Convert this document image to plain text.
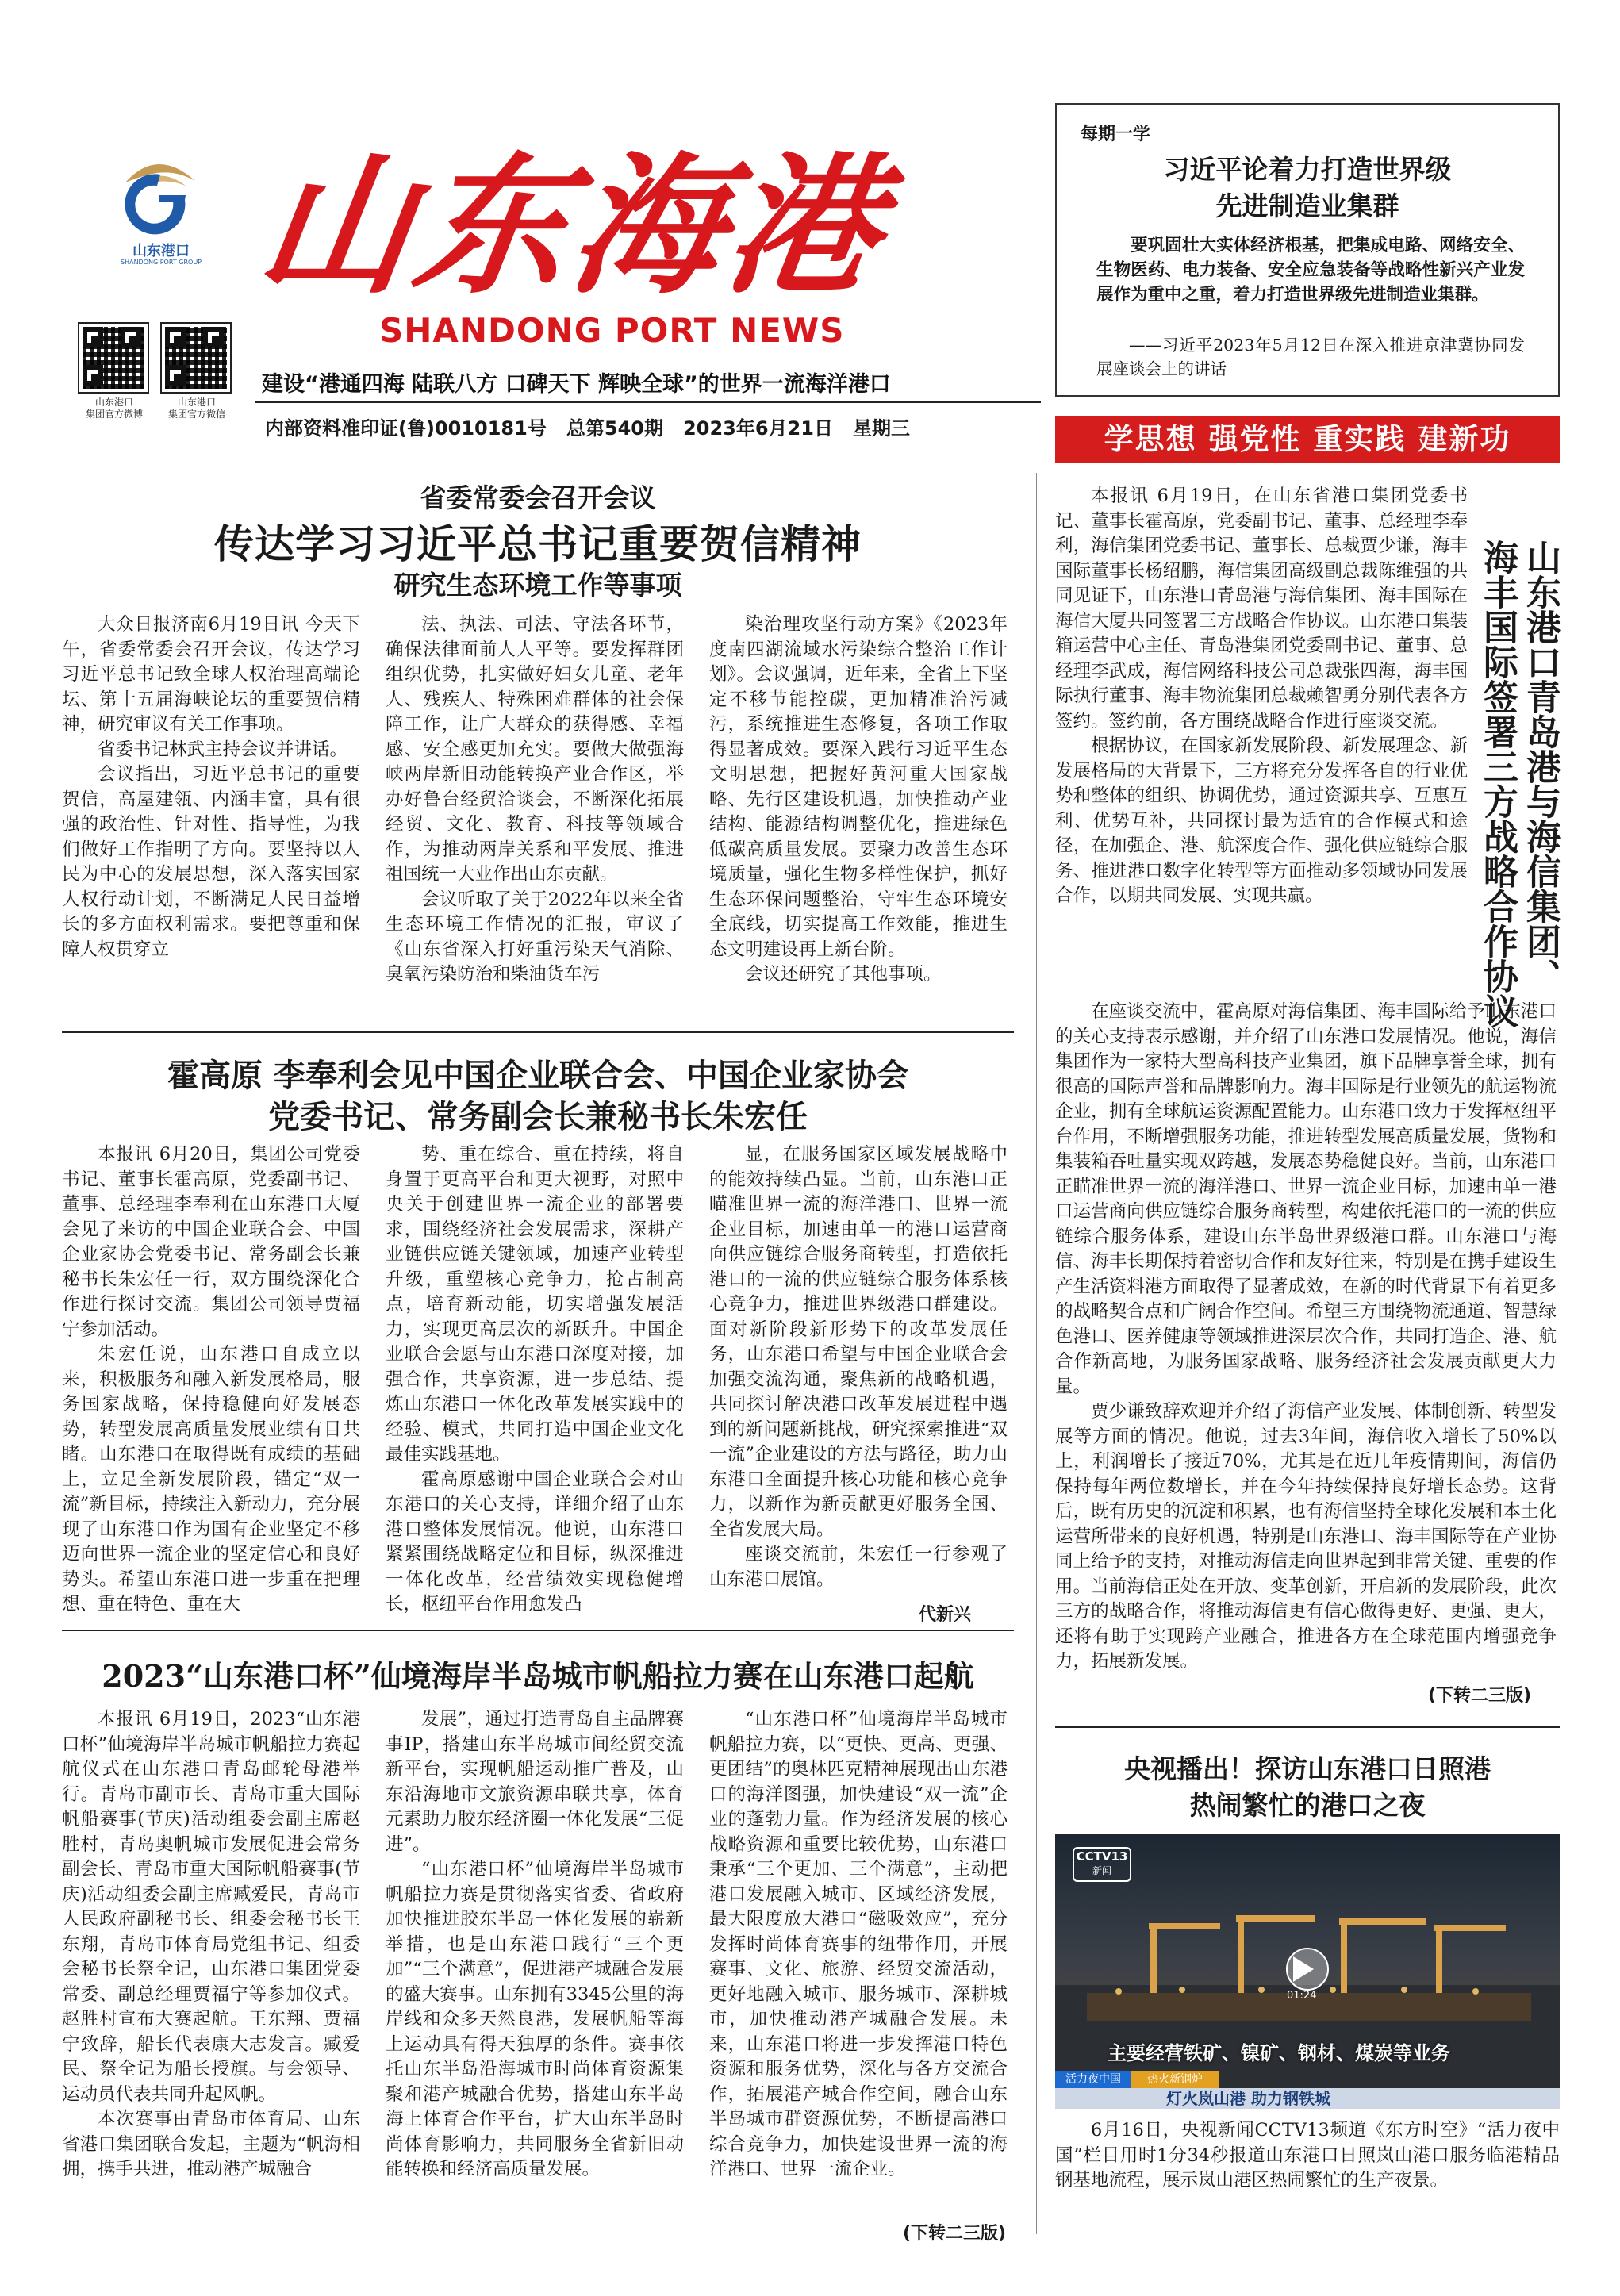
山东港口
SHANDONG PORT GROUP 山东海港
SHANDONG PORT NEWS
山东港口
集团官方微博
山东港口
集团官方微信
建设“港通四海 陆联八方 口碑天下 辉映全球”的世界一流海洋港口
内部资料准印证(鲁)0010181号   总第540期   2023年6月21日   星期三
每期一学
习近平论着力打造世界级
先进制造业集群
要巩固壮大实体经济根基，把集成电路、网络安全、生物医药、电力装备、安全应急装备等战略性新兴产业发展作为重中之重，着力打造世界级先进制造业集群。
——习近平2023年5月12日在深入推进京津冀协同发展座谈会上的讲话
学思想 强党性 重实践 建新功
省委常委会召开会议
传达学习习近平总书记重要贺信精神
研究生态环境工作等事项

大众日报济南6月19日讯 今天下午，省委常委会召开会议，传达学习习近平总书记致全球人权治理高端论坛、第十五届海峡论坛的重要贺信精神，研究审议有关工作事项。

省委书记林武主持会议并讲话。

会议指出，习近平总书记的重要贺信，高屋建瓴、内涵丰富，具有很强的政治性、针对性、指导性，为我们做好工作指明了方向。要坚持以人民为中心的发展思想，深入落实国家人权行动计划，不断满足人民日益增长的多方面权利需求。要把尊重和保障人权贯穿立

法、执法、司法、守法各环节，确保法律面前人人平等。要发挥群团组织优势，扎实做好妇女儿童、老年人、残疾人、特殊困难群体的社会保障工作，让广大群众的获得感、幸福感、安全感更加充实。要做大做强海峡两岸新旧动能转换产业合作区，举办好鲁台经贸洽谈会，不断深化拓展经贸、文化、教育、科技等领域合作，为推动两岸关系和平发展、推进祖国统一大业作出山东贡献。

会议听取了关于2022年以来全省生态环境工作情况的汇报，审议了《山东省深入打好重污染天气消除、臭氧污染防治和柴油货车污

染治理攻坚行动方案》《2023年度南四湖流域水污染综合整治工作计划》。会议强调，近年来，全省上下坚定不移节能控碳，更加精准治污减污，系统推进生态修复，各项工作取得显著成效。要深入践行习近平生态文明思想，把握好黄河重大国家战略、先行区建设机遇，加快推动产业结构、能源结构调整优化，推进绿色低碳高质量发展。要聚力改善生态环境质量，强化生物多样性保护，抓好生态环保问题整治，守牢生态环境安全底线，切实提高工作效能，推进生态文明建设再上新台阶。

会议还研究了其他事项。

霍高原 李奉利会见中国企业联合会、中国企业家协会
党委书记、常务副会长兼秘书长朱宏任

本报讯 6月20日，集团公司党委书记、董事长霍高原，党委副书记、董事、总经理李奉利在山东港口大厦会见了来访的中国企业联合会、中国企业家协会党委书记、常务副会长兼秘书长朱宏任一行，双方围绕深化合作进行探讨交流。集团公司领导贾福宁参加活动。

朱宏任说，山东港口自成立以来，积极服务和融入新发展格局，服务国家战略，保持稳健向好发展态势，转型发展高质量发展业绩有目共睹。山东港口在取得既有成绩的基础上，立足全新发展阶段，锚定“双一流”新目标，持续注入新动力，充分展现了山东港口作为国有企业坚定不移迈向世界一流企业的坚定信心和良好势头。希望山东港口进一步重在把理想、重在特色、重在大

势、重在综合、重在持续，将自身置于更高平台和更大视野，对照中央关于创建世界一流企业的部署要求，围绕经济社会发展需求，深耕产业链供应链关键领域，加速产业转型升级，重塑核心竞争力，抢占制高点，培育新动能，切实增强发展活力，实现更高层次的新跃升。中国企业联合会愿与山东港口深度对接，加强合作，共享资源，进一步总结、提炼山东港口一体化改革发展实践中的经验、模式，共同打造中国企业文化最佳实践基地。

霍高原感谢中国企业联合会对山东港口的关心支持，详细介绍了山东港口整体发展情况。他说，山东港口紧紧围绕战略定位和目标，纵深推进一体化改革，经营绩效实现稳健增长，枢纽平台作用愈发凸

显，在服务国家区域发展战略中的能效持续凸显。当前，山东港口正瞄准世界一流的海洋港口、世界一流企业目标，加速由单一的港口运营商向供应链综合服务商转型，打造依托港口的一流的供应链综合服务体系核心竞争力，推进世界级港口群建设。面对新阶段新形势下的改革发展任务，山东港口希望与中国企业联合会加强交流沟通，聚焦新的战略机遇，共同探讨解决港口改革发展进程中遇到的新问题新挑战，研究探索推进“双一流”企业建设的方法与路径，助力山东港口全面提升核心功能和核心竞争力，以新作为新贡献更好服务全国、全省发展大局。

座谈交流前，朱宏任一行参观了山东港口展馆。

代新兴
2023“山东港口杯”仙境海岸半岛城市帆船拉力赛在山东港口起航

本报讯 6月19日，2023“山东港口杯”仙境海岸半岛城市帆船拉力赛起航仪式在山东港口青岛邮轮母港举行。青岛市副市长、青岛市重大国际帆船赛事(节庆)活动组委会副主席赵胜村，青岛奥帆城市发展促进会常务副会长、青岛市重大国际帆船赛事(节庆)活动组委会副主席臧爱民，青岛市人民政府副秘书长、组委会秘书长王东翔，青岛市体育局党组书记、组委会秘书长祭全记，山东港口集团党委常委、副总经理贾福宁等参加仪式。赵胜村宣布大赛起航。王东翔、贾福宁致辞，船长代表康大志发言。臧爱民、祭全记为船长授旗。与会领导、运动员代表共同升起风帆。

本次赛事由青岛市体育局、山东省港口集团联合发起，主题为“帆海相拥，携手共进，推动港产城融合

发展”，通过打造青岛自主品牌赛事IP，搭建山东半岛城市间经贸交流新平台，实现帆船运动推广普及，山东沿海地市文旅资源串联共享，体育元素助力胶东经济圈一体化发展“三促进”。

“山东港口杯”仙境海岸半岛城市帆船拉力赛是贯彻落实省委、省政府加快推进胶东半岛一体化发展的崭新举措，也是山东港口践行“三个更加”“三个满意”，促进港产城融合发展的盛大赛事。山东拥有3345公里的海岸线和众多天然良港，发展帆船等海上运动具有得天独厚的条件。赛事依托山东半岛沿海城市时尚体育资源集聚和港产城融合优势，搭建山东半岛海上体育合作平台，扩大山东半岛时尚体育影响力，共同服务全省新旧动能转换和经济高质量发展。

“山东港口杯”仙境海岸半岛城市帆船拉力赛，以“更快、更高、更强、更团结”的奥林匹克精神展现出山东港口的海洋图强，加快建设“双一流”企业的蓬勃力量。作为经济发展的核心战略资源和重要比较优势，山东港口秉承“三个更加、三个满意”，主动把港口发展融入城市、区域经济发展，最大限度放大港口“磁吸效应”，充分发挥时尚体育赛事的纽带作用，开展赛事、文化、旅游、经贸交流活动，更好地融入城市、服务城市、深耕城市，加快推动港产城融合发展。未来，山东港口将进一步发挥港口特色资源和服务优势，深化与各方交流合作，拓展港产城合作空间，融合山东半岛城市群资源优势，不断提高港口综合竞争力，加快建设世界一流的海洋港口、世界一流企业。

(下转二三版)
山东港口青岛港与海信集团、
海丰国际签署三方战略合作协议

本报讯 6月19日，在山东省港口集团党委书记、董事长霍高原，党委副书记、董事、总经理李奉利，海信集团党委书记、董事长、总裁贾少谦，海丰国际董事长杨绍鹏，海信集团高级副总裁陈维强的共同见证下，山东港口青岛港与海信集团、海丰国际在海信大厦共同签署三方战略合作协议。山东港口集装箱运营中心主任、青岛港集团党委副书记、董事、总经理李武成，海信网络科技公司总裁张四海，海丰国际执行董事、海丰物流集团总裁赖智勇分别代表各方签约。签约前，各方围绕战略合作进行座谈交流。

根据协议，在国家新发展阶段、新发展理念、新发展格局的大背景下，三方将充分发挥各自的行业优势和整体的组织、协调优势，通过资源共享、互惠互利、优势互补，共同探讨最为适宜的合作模式和途径，在加强企、港、航深度合作、强化供应链综合服务、推进港口数字化转型等方面推动多领域协同发展合作，以期共同发展、实现共赢。

在座谈交流中，霍高原对海信集团、海丰国际给予山东港口的关心支持表示感谢，并介绍了山东港口发展情况。他说，海信集团作为一家特大型高科技产业集团，旗下品牌享誉全球，拥有很高的国际声誉和品牌影响力。海丰国际是行业领先的航运物流企业，拥有全球航运资源配置能力。山东港口致力于发挥枢纽平台作用，不断增强服务功能，推进转型发展高质量发展，货物和集装箱吞吐量实现双跨越，发展态势稳健良好。当前，山东港口正瞄准世界一流的海洋港口、世界一流企业目标，加速由单一港口运营商向供应链综合服务商转型，构建依托港口的一流的供应链综合服务体系，建设山东半岛世界级港口群。山东港口与海信、海丰长期保持着密切合作和友好往来，特别是在携手建设生产生活资料港方面取得了显著成效，在新的时代背景下有着更多的战略契合点和广阔合作空间。希望三方围绕物流通道、智慧绿色港口、医养健康等领域推进深层次合作，共同打造企、港、航合作新高地，为服务国家战略、服务经济社会发展贡献更大力量。

贾少谦致辞欢迎并介绍了海信产业发展、体制创新、转型发展等方面的情况。他说，过去3年间，海信收入增长了50%以上，利润增长了接近70%，尤其是在近几年疫情期间，海信仍保持每年两位数增长，并在今年持续保持良好增长态势。这背后，既有历史的沉淀和积累，也有海信坚持全球化发展和本土化运营所带来的良好机遇，特别是山东港口、海丰国际等在产业协同上给予的支持，对推动海信走向世界起到非常关键、重要的作用。当前海信正处在开放、变革创新，开启新的发展阶段，此次三方的战略合作，将推动海信更有信心做得更好、更强、更大，还将有助于实现跨产业融合，推进各方在全球范围内增强竞争力，拓展新发展。

(下转二三版)
央视播出！探访山东港口日照港
热闹繁忙的港口之夜
CCTV13
新闻
01:24
主要经营铁矿、镍矿、钢材、煤炭等业务
活力夜中国	热火新钢炉
灯火岚山港 助力钢铁城

6月16日，央视新闻CCTV13频道《东方时空》“活力夜中国”栏目用时1分34秒报道山东港口日照岚山港口服务临港精品钢基地流程，展示岚山港区热闹繁忙的生产夜景。
